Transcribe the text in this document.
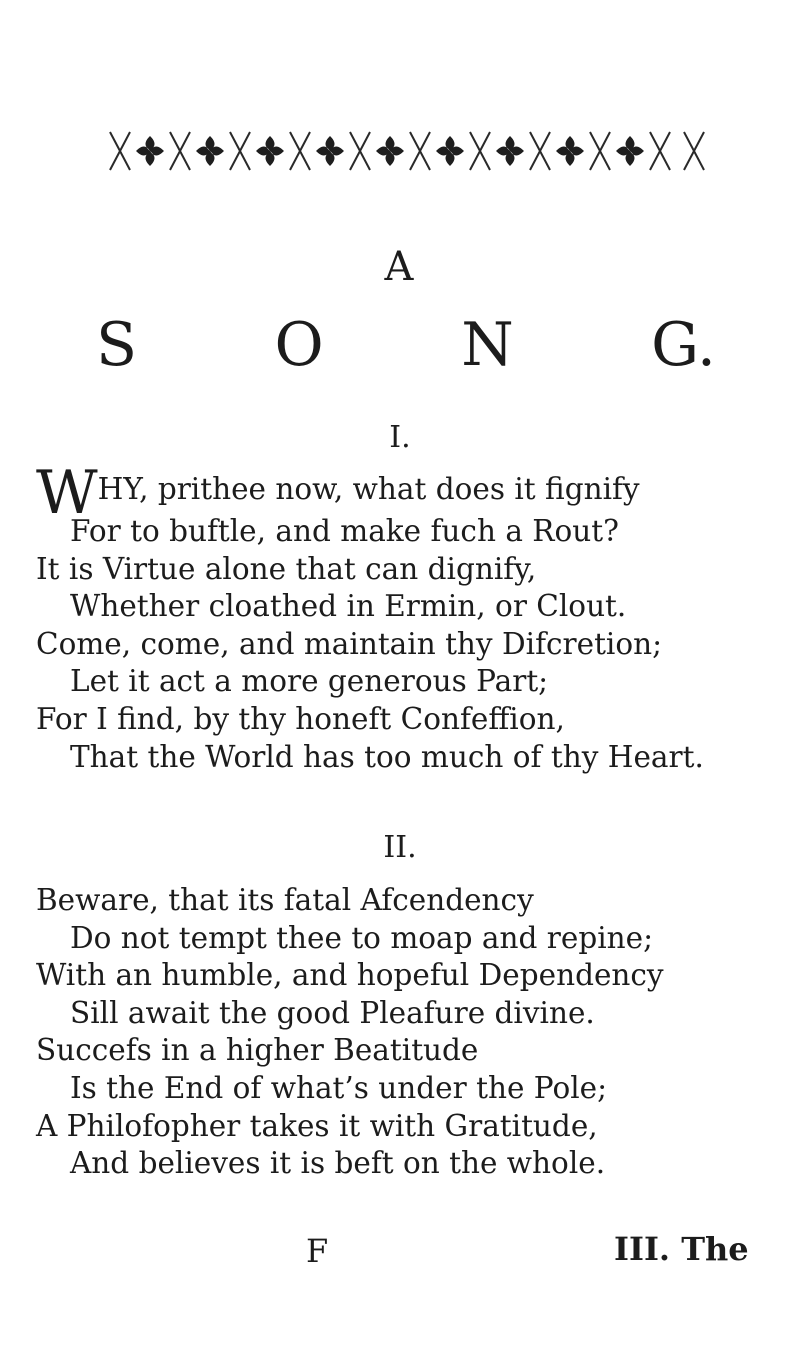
A
S O N G.
I.
WHY, prithee now, what does it fignify
For to buftle, and make fuch a Rout?
It is Virtue alone that can dignify,
Whether cloathed in Ermin, or Clout.
Come, come, and maintain thy Difcretion;
Let it act a more generous Part;
For I find, by thy honeft Confeffion,
That the World has too much of thy Heart.
II.
Beware, that its fatal Afcendency
Do not tempt thee to moap and repine;
With an humble, and hopeful Dependency
Sill await the good Pleafure divine.
Succefs in a higher Beatitude
Is the End of what’s under the Pole;
A Philofopher takes it with Gratitude,
And believes it is beft on the whole.
F	III. The
